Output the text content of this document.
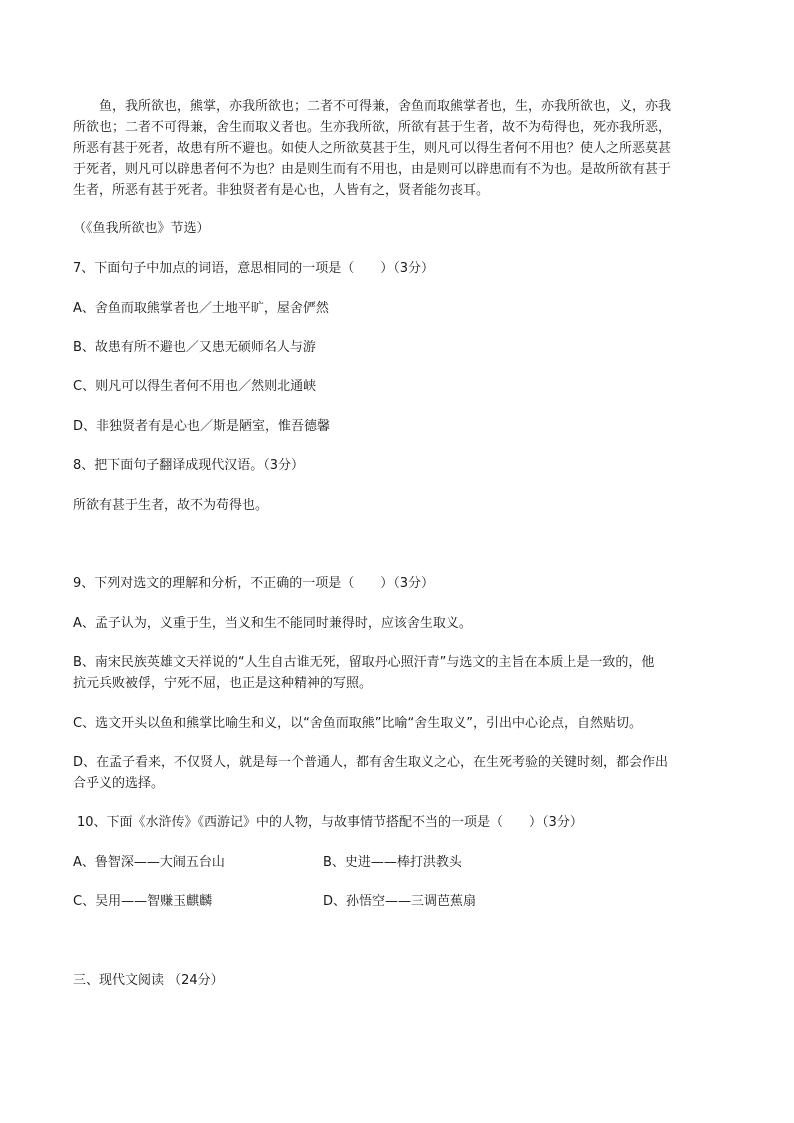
鱼，我所欲也，熊掌，亦我所欲也；二者不可得兼，舍鱼而取熊掌者也，生，亦我所欲也，义，亦我
所欲也；二者不可得兼，舍生而取义者也。生亦我所欲，所欲有甚于生者，故不为苟得也，死亦我所恶，
所恶有甚于死者，故患有所不避也。如使人之所欲莫甚于生，则凡可以得生者何不用也？使人之所恶莫甚
于死者，则凡可以辟患者何不为也？由是则生而有不用也，由是则可以辟患而有不为也。是故所欲有甚于
生者，所恶有甚于死者。非独贤者有是心也，人皆有之，贤者能勿丧耳。
（《鱼我所欲也》节选）
7、下面句子中加点的词语，意思相同的一项是（　　）（3分）
A、舍鱼而取熊掌者也／土地平旷，屋舍俨然
B、故患有所不避也／又患无硕师名人与游
C、则凡可以得生者何不用也／然则北通峡
D、非独贤者有是心也／斯是陋室，惟吾德馨
8、把下面句子翻译成现代汉语。（3分）
所欲有甚于生者，故不为苟得也。
9、下列对选文的理解和分析，不正确的一项是（　　）（3分）
A、孟子认为，义重于生，当义和生不能同时兼得时，应该舍生取义。
B、南宋民族英雄文天祥说的“人生自古谁无死，留取丹心照汗青”与选文的主旨在本质上是一致的，他
抗元兵败被俘，宁死不屈，也正是这种精神的写照。
C、选文开头以鱼和熊掌比喻生和义，以“舍鱼而取熊”比喻“舍生取义”，引出中心论点，自然贴切。
D、在孟子看来，不仅贤人，就是每一个普通人，都有舍生取义之心，在生死考验的关键时刻，都会作出
合乎义的选择。
10、下面《水浒传》《西游记》中的人物，与故事情节搭配不当的一项是（　　）（3分）
A、鲁智深——大闹五台山	B、史进——棒打洪教头
C、吴用——智赚玉麒麟	D、孙悟空——三调芭蕉扇
三、现代文阅读 （24分）
